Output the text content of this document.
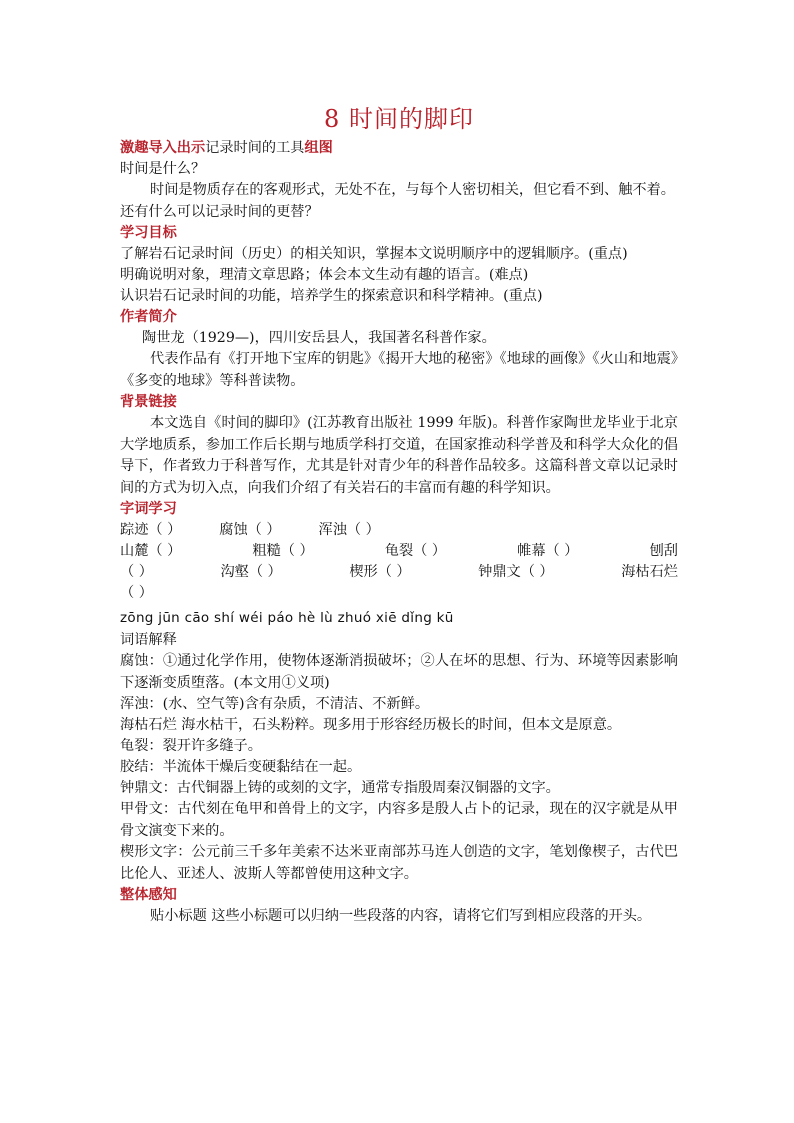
8 时间的脚印
激趣导入出示记录时间的工具组图
时间是什么？
时间是物质存在的客观形式，无处不在，与每个人密切相关，但它看不到、触不着。
还有什么可以记录时间的更替？
学习目标
了解岩石记录时间（历史）的相关知识，掌握本文说明顺序中的逻辑顺序。(重点)
明确说明对象，理清文章思路；体会本文生动有趣的语言。(难点)
认识岩石记录时间的功能，培养学生的探索意识和科学精神。(重点)
作者简介
陶世龙（1929—)，四川安岳县人，我国著名科普作家。
代表作品有《打开地下宝库的钥匙》《揭开大地的秘密》《地球的画像》《火山和地震》《多变的地球》等科普读物。
背景链接
本文选自《时间的脚印》(江苏教育出版社 1999 年版)。科普作家陶世龙毕业于北京大学地质系，参加工作后长期与地质学科打交道，在国家推动科学普及和科学大众化的倡导下，作者致力于科普写作，尤其是针对青少年的科普作品较多。这篇科普文章以记录时间的方式为切入点，向我们介绍了有关岩石的丰富而有趣的科学知识。
字词学习
踪迹（ ）	腐蚀（ ）	浑浊（ ）
山麓（ ）	粗糙（ ）	龟裂（ ）	帷幕（ ）	刨刮
（ ）	沟壑（ ）	楔形（ ）	钟鼎文（ ）	海枯石烂
（ ）
zōng jūn cāo shí wéi páo hè lù zhuó xiē dǐng kū
词语解释
腐蚀：①通过化学作用，使物体逐渐消损破坏；②人在坏的思想、行为、环境等因素影响下逐渐变质堕落。(本文用①义项)
浑浊：(水、空气等)含有杂质，不清洁、不新鲜。
海枯石烂 海水枯干，石头粉粹。现多用于形容经历极长的时间，但本文是原意。
龟裂：裂开许多缝子。
胶结：半流体干燥后变硬黏结在一起。
钟鼎文：古代铜器上铸的或刻的文字，通常专指殷周秦汉铜器的文字。
甲骨文：古代刻在龟甲和兽骨上的文字，内容多是殷人占卜的记录，现在的汉字就是从甲骨文演变下来的。
楔形文字：公元前三千多年美索不达米亚南部苏马连人创造的文字，笔划像楔子，古代巴比伦人、亚述人、波斯人等都曾使用这种文字。
整体感知
贴小标题 这些小标题可以归纳一些段落的内容，请将它们写到相应段落的开头。
